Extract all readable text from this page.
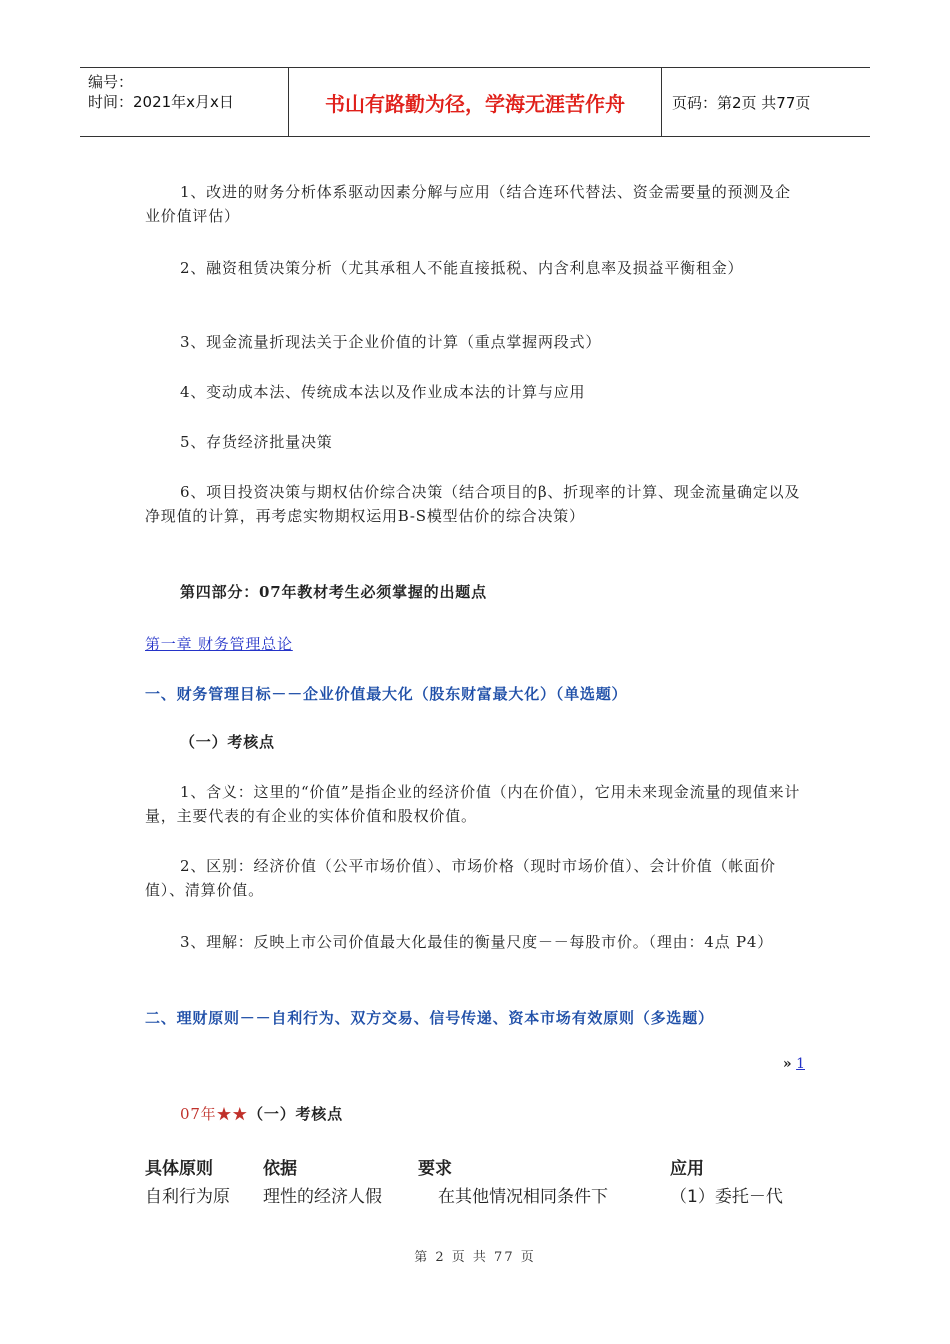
编号：
时间：2021年x月x日	书山有路勤为径，学海无涯苦作舟	页码：第2页 共77页
1、改进的财务分析体系驱动因素分解与应用（结合连环代替法、资金需要量的预测及企业价值评估）
2、融资租赁决策分析（尤其承租人不能直接抵税、内含利息率及损益平衡租金）
3、现金流量折现法关于企业价值的计算（重点掌握两段式）
4、变动成本法、传统成本法以及作业成本法的计算与应用
5、存货经济批量决策
6、项目投资决策与期权估价综合决策（结合项目的β、折现率的计算、现金流量确定以及净现值的计算，再考虑实物期权运用B-S模型估价的综合决策）
第四部分：07年教材考生必须掌握的出题点
第一章 财务管理总论
一、财务管理目标－－企业价值最大化（股东财富最大化）（单选题）
（一）考核点
1、含义：这里的“价值”是指企业的经济价值（内在价值），它用未来现金流量的现值来计量，主要代表的有企业的实体价值和股权价值。
2、区别：经济价值（公平市场价值）、市场价格（现时市场价值）、会计价值（帐面价值）、清算价值。
3、理解：反映上市公司价值最大化最佳的衡量尺度－－每股市价。（理由：4点 P4）
二、理财原则－－自利行为、双方交易、信号传递、资本市场有效原则（多选题）
» 1
07年★★（一）考核点
具体原则	依据	要求	应用
自利行为原	理性的经济人假	在其他情况相同条件下	（1）委托－代
第 2 页 共 77 页
